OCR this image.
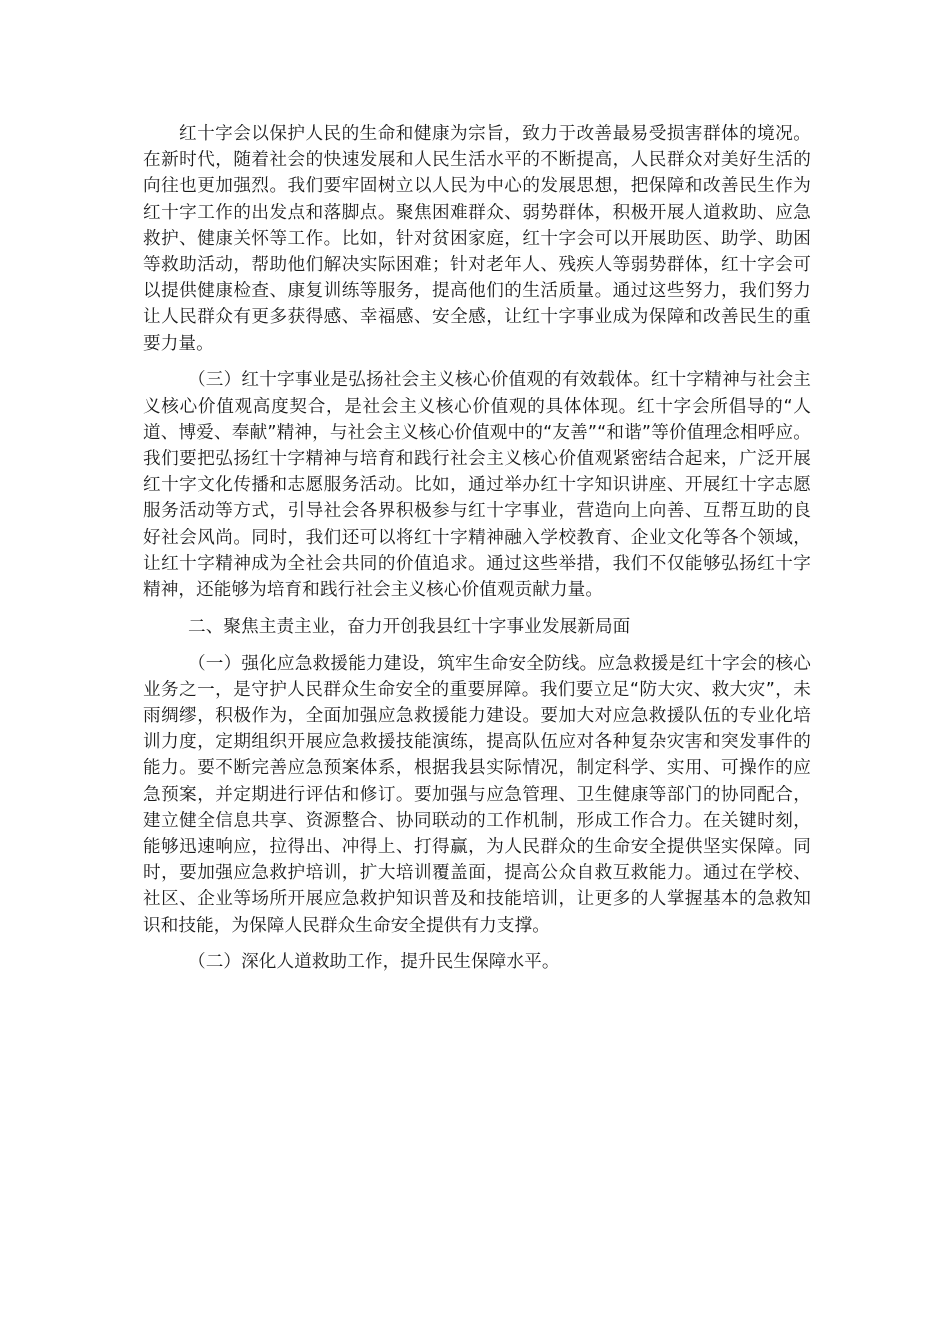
红十字会以保护人民的生命和健康为宗旨，致力于改善最易受损害群体的境况。在新时代，随着社会的快速发展和人民生活水平的不断提高，人民群众对美好生活的向往也更加强烈。我们要牢固树立以人民为中心的发展思想，把保障和改善民生作为红十字工作的出发点和落脚点。聚焦困难群众、弱势群体，积极开展人道救助、应急救护、健康关怀等工作。比如，针对贫困家庭，红十字会可以开展助医、助学、助困等救助活动，帮助他们解决实际困难；针对老年人、残疾人等弱势群体，红十字会可以提供健康检查、康复训练等服务，提高他们的生活质量。通过这些努力，我们努力让人民群众有更多获得感、幸福感、安全感，让红十字事业成为保障和改善民生的重要力量。

（三）红十字事业是弘扬社会主义核心价值观的有效载体。红十字精神与社会主义核心价值观高度契合，是社会主义核心价值观的具体体现。红十字会所倡导的“人道、博爱、奉献”精神，与社会主义核心价值观中的“友善”“和谐”等价值理念相呼应。我们要把弘扬红十字精神与培育和践行社会主义核心价值观紧密结合起来，广泛开展红十字文化传播和志愿服务活动。比如，通过举办红十字知识讲座、开展红十字志愿服务活动等方式，引导社会各界积极参与红十字事业，营造向上向善、互帮互助的良好社会风尚。同时，我们还可以将红十字精神融入学校教育、企业文化等各个领域，让红十字精神成为全社会共同的价值追求。通过这些举措，我们不仅能够弘扬红十字精神，还能够为培育和践行社会主义核心价值观贡献力量。

二、聚焦主责主业，奋力开创我县红十字事业发展新局面

（一）强化应急救援能力建设，筑牢生命安全防线。应急救援是红十字会的核心业务之一，是守护人民群众生命安全的重要屏障。我们要立足“防大灾、救大灾”，未雨绸缪，积极作为，全面加强应急救援能力建设。要加大对应急救援队伍的专业化培训力度，定期组织开展应急救援技能演练，提高队伍应对各种复杂灾害和突发事件的能力。要不断完善应急预案体系，根据我县实际情况，制定科学、实用、可操作的应急预案，并定期进行评估和修订。要加强与应急管理、卫生健康等部门的协同配合，建立健全信息共享、资源整合、协同联动的工作机制，形成工作合力。在关键时刻，能够迅速响应，拉得出、冲得上、打得赢，为人民群众的生命安全提供坚实保障。同时，要加强应急救护培训，扩大培训覆盖面，提高公众自救互救能力。通过在学校、社区、企业等场所开展应急救护知识普及和技能培训，让更多的人掌握基本的急救知识和技能，为保障人民群众生命安全提供有力支撑。

（二）深化人道救助工作，提升民生保障水平。
